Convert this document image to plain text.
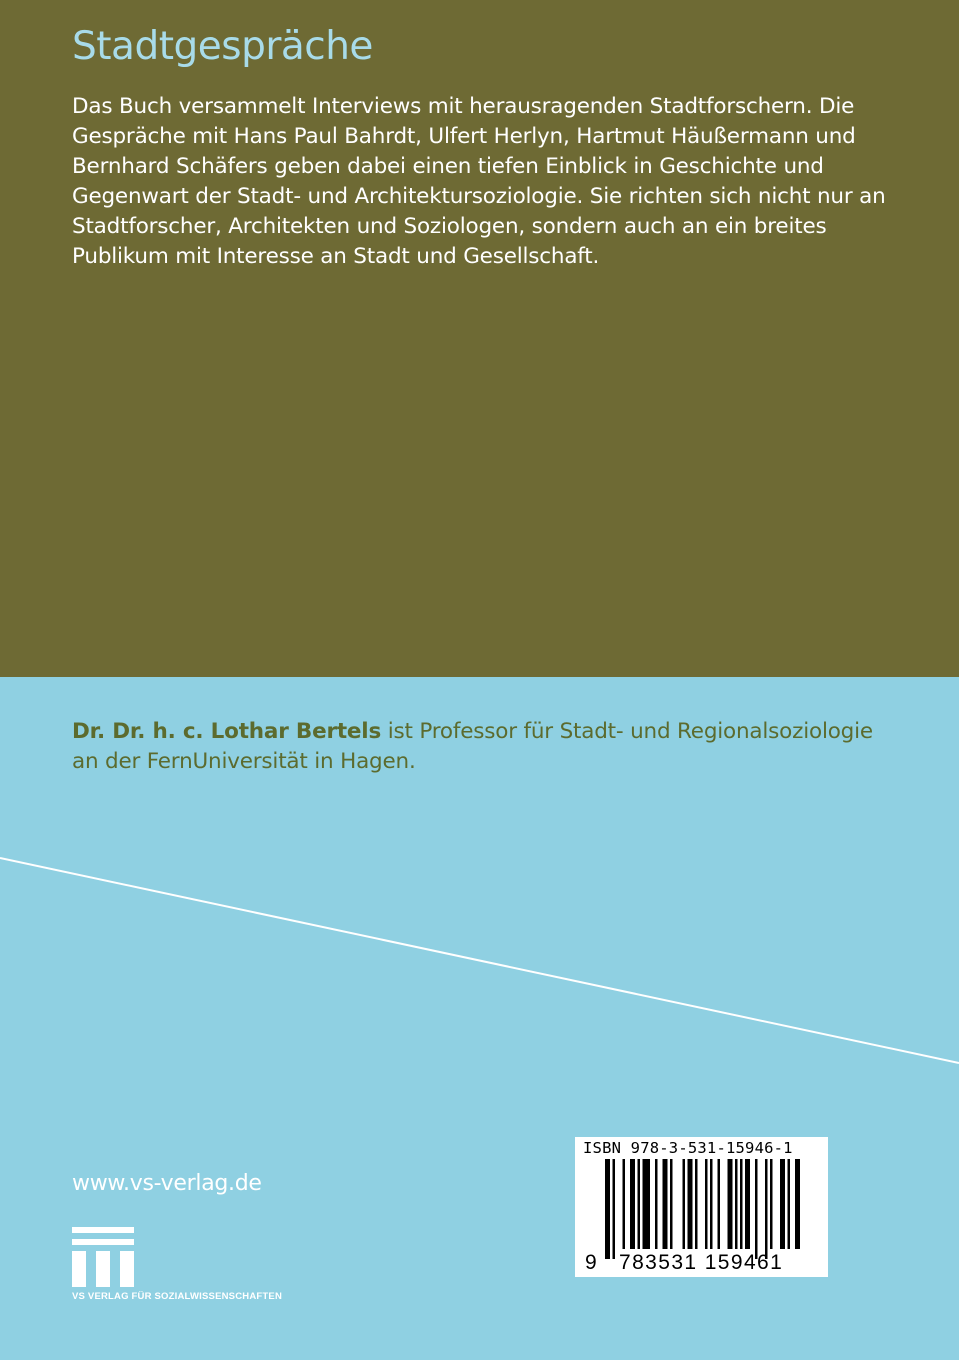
Stadtgespräche
Das Buch versammelt Interviews mit herausragenden Stadtforschern. Die Gespräche mit Hans Paul Bahrdt, Ulfert Herlyn, Hartmut Häußermann und Bernhard Schäfers geben dabei einen tiefen Einblick in Geschichte und Gegenwart der Stadt- und Architektursoziologie. Sie richten sich nicht nur an Stadtforscher, Architekten und Soziologen, sondern auch an ein breites Publikum mit Interesse an Stadt und Gesellschaft.
Dr. Dr. h. c. Lothar Bertels ist Professor für Stadt- und Regionalsoziologie an der FernUniversität in Hagen.
www.vs-verlag.de
VS VERLAG FÜR SOZIALWISSENSCHAFTEN
ISBN 978-3-531-15946-1
9 783531 159461
